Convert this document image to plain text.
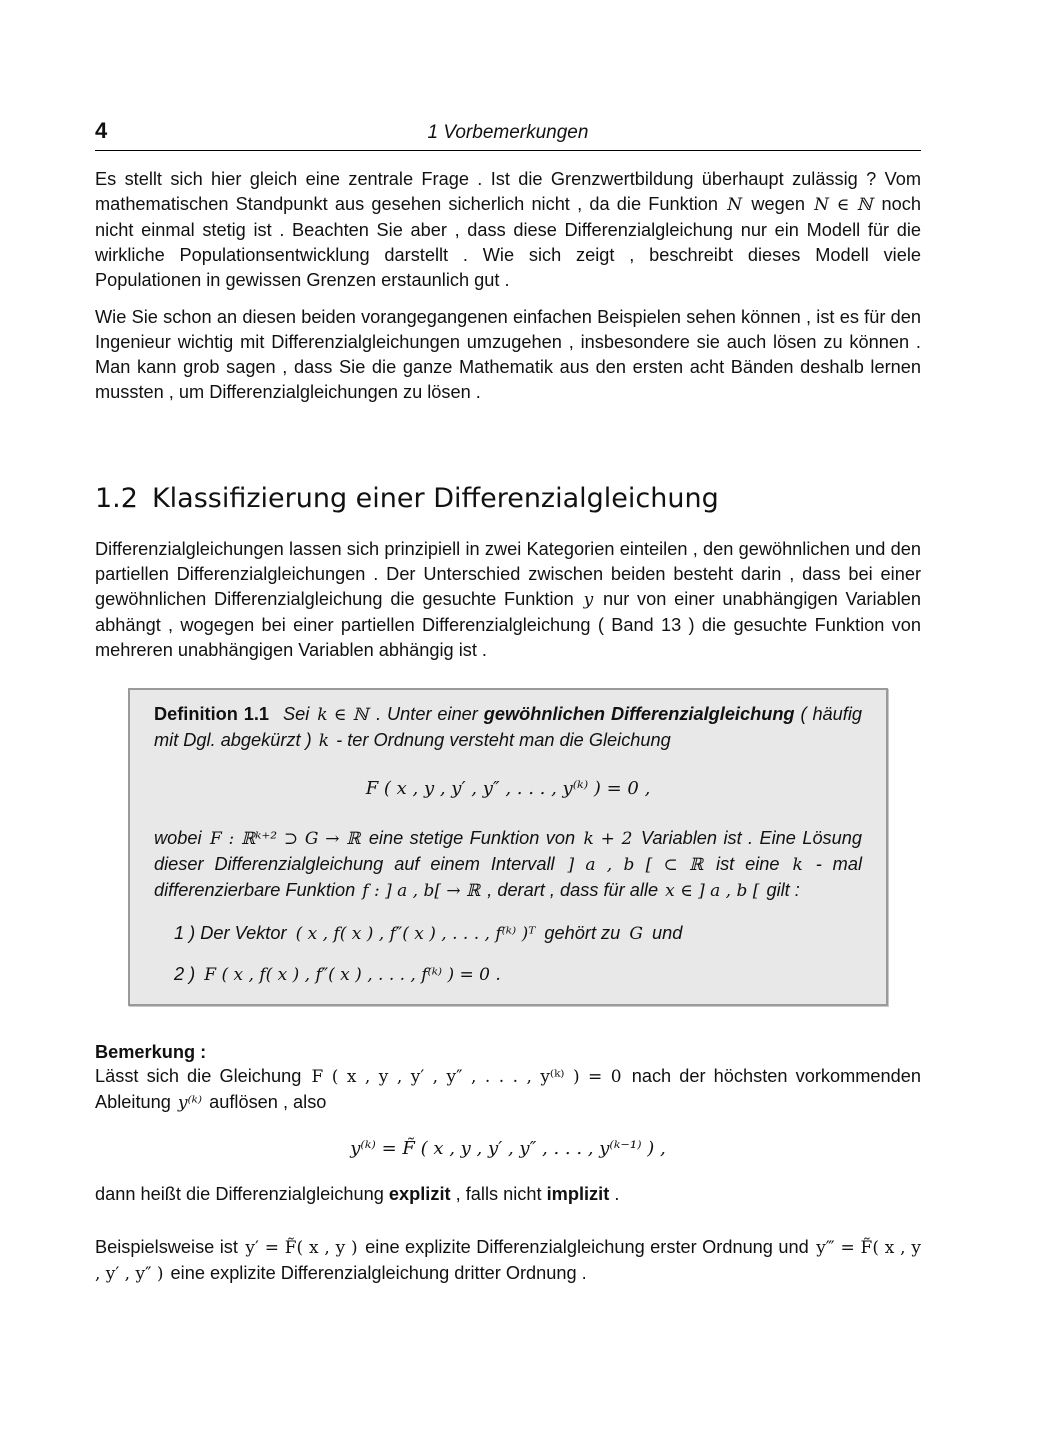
4	1 Vorbemerkungen

Es stellt sich hier gleich eine zentrale Frage . Ist die Grenzwertbildung überhaupt zulässig ? Vom mathematischen Standpunkt aus gesehen sicherlich nicht , da die Funktion N wegen N ∈ ℕ noch nicht einmal stetig ist . Beachten Sie aber , dass diese Differenzialgleichung nur ein Modell für die wirkliche Populationsentwicklung darstellt . Wie sich zeigt , beschreibt dieses Modell viele Populationen in gewissen Grenzen erstaunlich gut .

Wie Sie schon an diesen beiden vorangegangenen einfachen Beispielen sehen können , ist es für den Ingenieur wichtig mit Differenzialgleichungen umzugehen , insbesondere sie auch lösen zu können . Man kann grob sagen , dass Sie die ganze Mathematik aus den ersten acht Bänden deshalb lernen mussten , um Differenzialgleichungen zu lösen .

1.2 Klassifizierung einer Differenzialgleichung

Differenzialgleichungen lassen sich prinzipiell in zwei Kategorien einteilen , den gewöhnlichen und den partiellen Differenzialgleichungen . Der Unterschied zwischen beiden besteht darin , dass bei einer gewöhnlichen Differenzialgleichung die gesuchte Funktion y nur von einer unabhängigen Variablen abhängt , wogegen bei einer partiellen Differenzialgleichung ( Band 13 ) die gesuchte Funktion von mehreren unabhängigen Variablen abhängig ist .

Definition 1.1 Sei k ∈ ℕ . Unter einer gewöhnlichen Differenzialgleichung ( häufig mit Dgl. abgekürzt ) k - ter Ordnung versteht man die Gleichung

F ( x , y , y′ , y″ , . . . , y⁽ᵏ⁾ ) = 0 ,

wobei F : ℝᵏ⁺² ⊃ G → ℝ eine stetige Funktion von k + 2 Variablen ist . Eine Lösung dieser Differenzialgleichung auf einem Intervall ] a , b [ ⊂ ℝ ist eine k - mal differenzierbare Funktion f : ] a , b[ → ℝ , derart , dass für alle x ∈ ] a , b [ gilt :

1 ) Der Vektor ( x , f( x ) , f″( x ) , . . . , f⁽ᵏ⁾ )ᵀ gehört zu G und
2 ) F ( x , f( x ) , f″( x ) , . . . , f⁽ᵏ⁾ ) = 0 .
Bemerkung :

Lässt sich die Gleichung F ( x , y , y′ , y″ , . . . , y⁽ᵏ⁾ ) = 0 nach der höchsten vorkommenden Ableitung y⁽ᵏ⁾ auflösen , also

y⁽ᵏ⁾ = F̃ ( x , y , y′ , y″ , . . . , y⁽ᵏ⁻¹⁾ ) ,

dann heißt die Differenzialgleichung explizit , falls nicht implizit .

Beispielsweise ist y′ = F̃( x , y ) eine explizite Differenzialgleichung erster Ordnung und y‴ = F̃( x , y , y′ , y″ ) eine explizite Differenzialgleichung dritter Ordnung .
